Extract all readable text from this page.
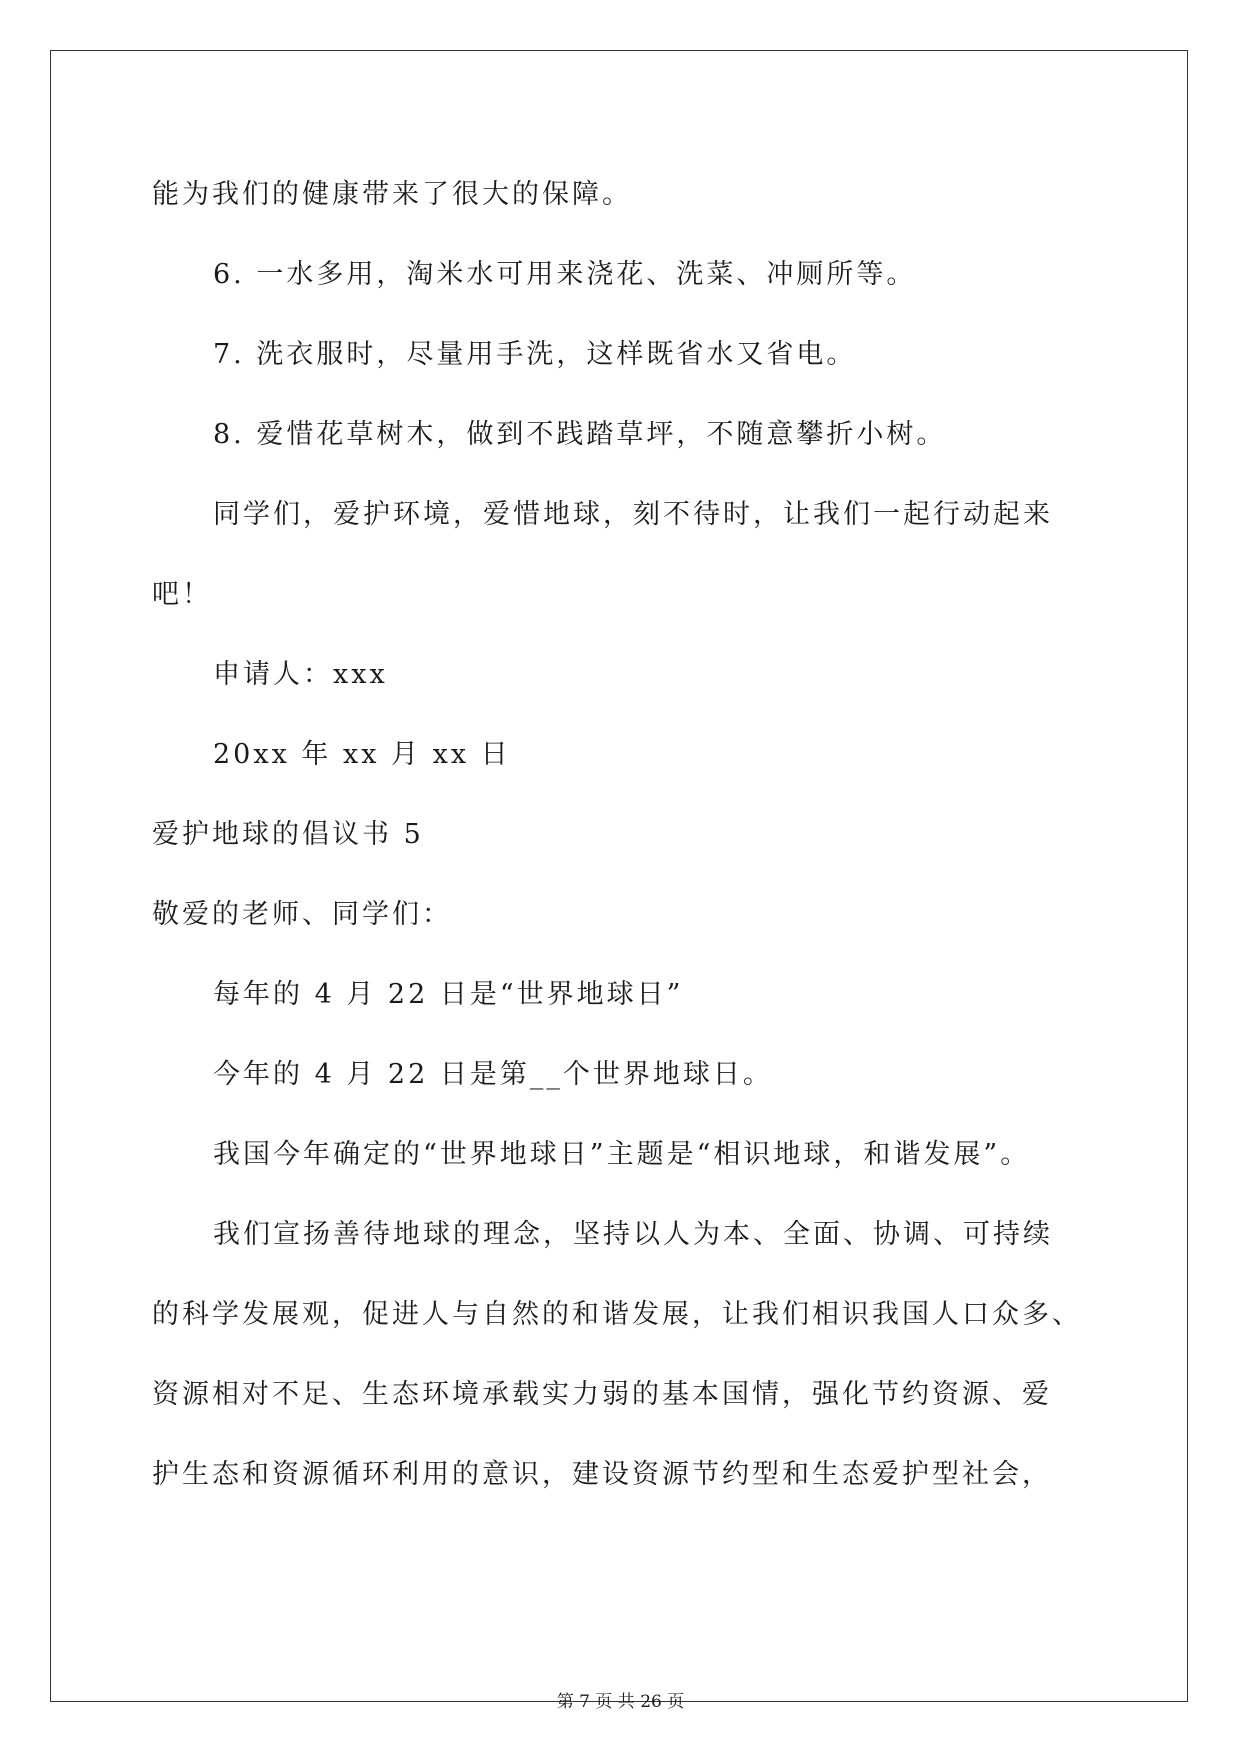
能为我们的健康带来了很大的保障。
6. 一水多用，淘米水可用来浇花、洗菜、冲厕所等。
7. 洗衣服时，尽量用手洗，这样既省水又省电。
8. 爱惜花草树木，做到不践踏草坪，不随意攀折小树。
同学们，爱护环境，爱惜地球，刻不待时，让我们一起行动起来
吧！
申请人：xxx
20xx 年 xx 月 xx 日
爱护地球的倡议书 5
敬爱的老师、同学们：
每年的 4 月 22 日是“世界地球日”
今年的 4 月 22 日是第__个世界地球日。
我国今年确定的“世界地球日”主题是“相识地球，和谐发展”。
我们宣扬善待地球的理念，坚持以人为本、全面、协调、可持续
的科学发展观，促进人与自然的和谐发展，让我们相识我国人口众多、
资源相对不足、生态环境承载实力弱的基本国情，强化节约资源、爱
护生态和资源循环利用的意识，建设资源节约型和生态爱护型社会，
第 7 页 共 26 页
